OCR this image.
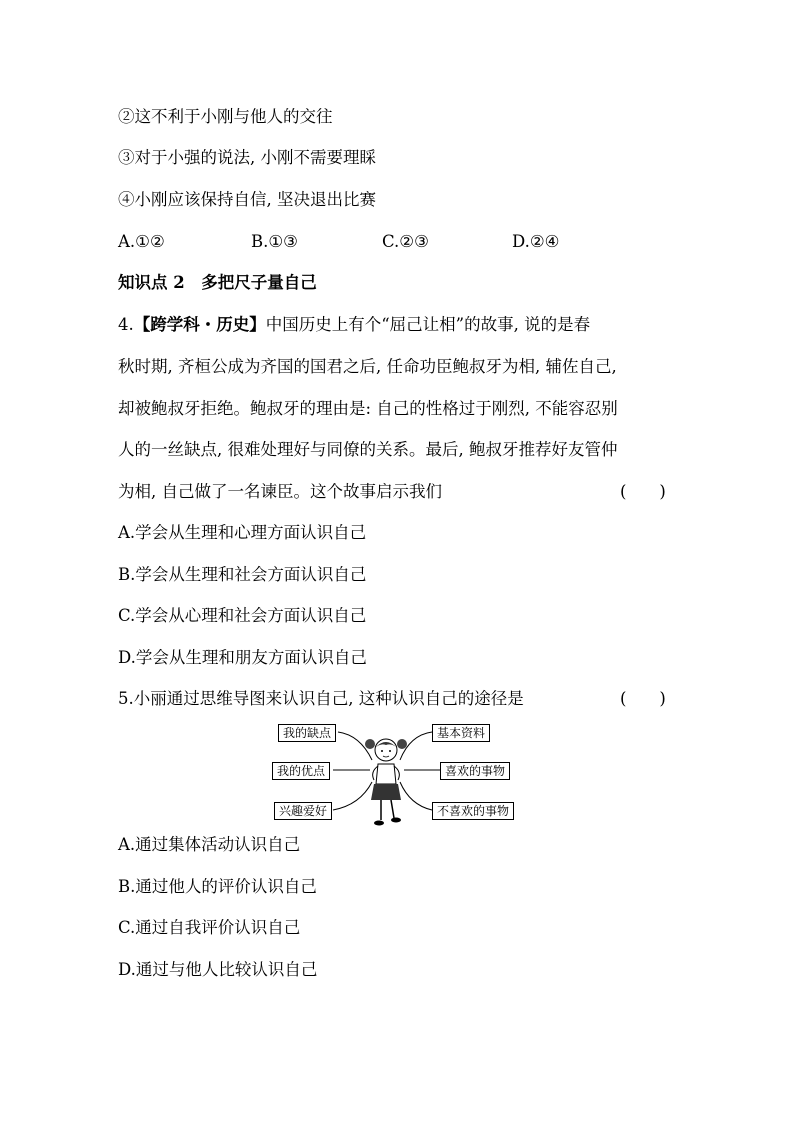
②这不利于小刚与他人的交往
③对于小强的说法, 小刚不需要理睬
④小刚应该保持自信, 坚决退出比赛
A.①②	B.①③	C.②③	D.②④
知识点 2　多把尺子量自己
4.【跨学科・历史】中国历史上有个“屈己让相”的故事, 说的是春
秋时期, 齐桓公成为齐国的国君之后, 任命功臣鲍叔牙为相, 辅佐自己,
却被鲍叔牙拒绝。鲍叔牙的理由是: 自己的性格过于刚烈, 不能容忍别
人的一丝缺点, 很难处理好与同僚的关系。最后, 鲍叔牙推荐好友管仲
为相, 自己做了一名谏臣。这个故事启示我们	(　　)
A.学会从生理和心理方面认识自己
B.学会从生理和社会方面认识自己
C.学会从心理和社会方面认识自己
D.学会从生理和朋友方面认识自己
5.小丽通过思维导图来认识自己, 这种认识自己的途径是	(　　)
我的缺点
我的优点
兴趣爱好
基本资料
喜欢的事物
不喜欢的事物
A.通过集体活动认识自己
B.通过他人的评价认识自己
C.通过自我评价认识自己
D.通过与他人比较认识自己
